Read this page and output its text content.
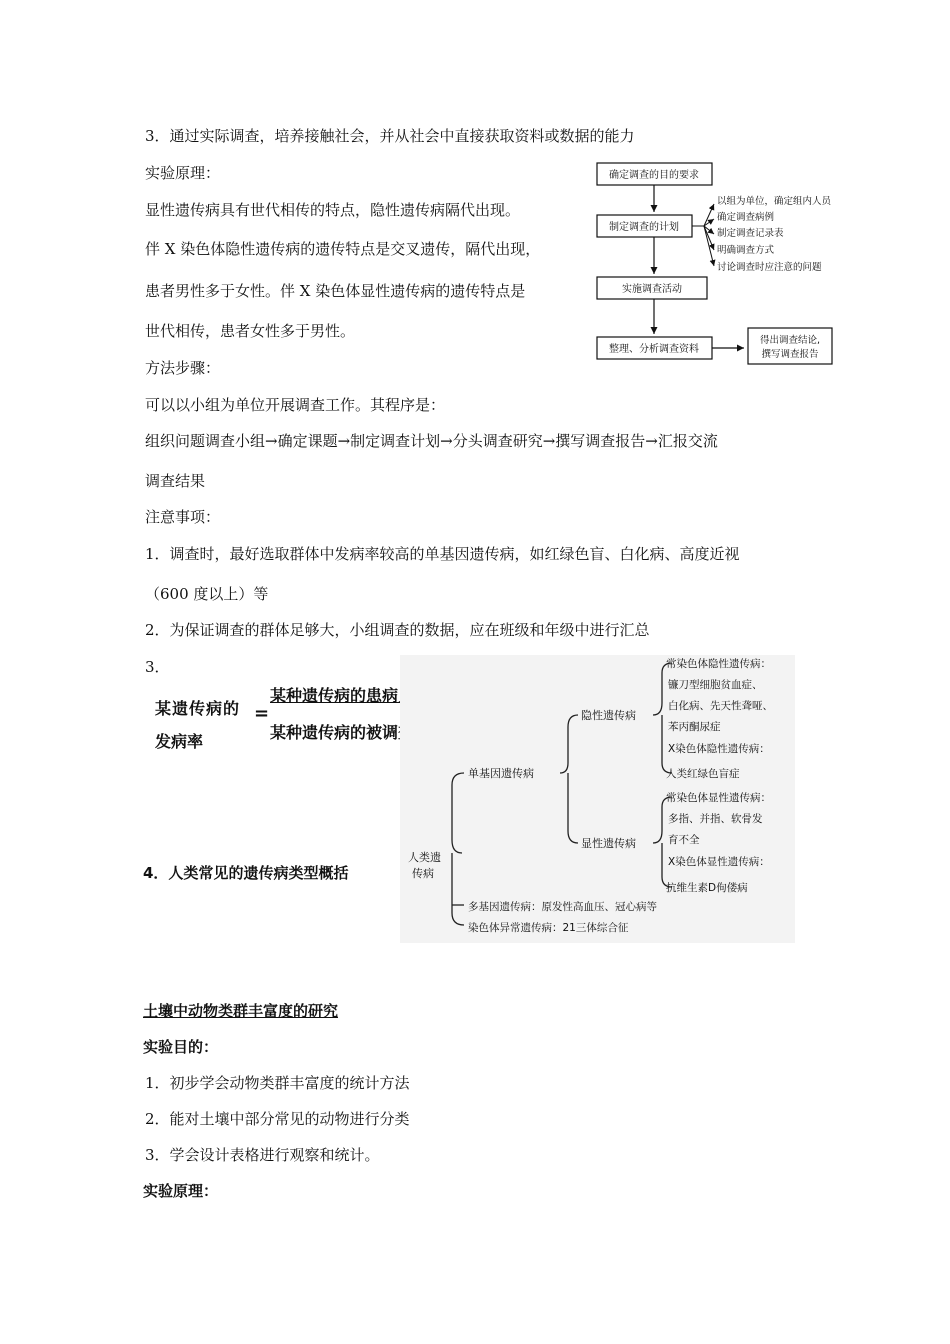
3．通过实际调查，培养接触社会，并从社会中直接获取资料或数据的能力
实验原理：
显性遗传病具有世代相传的特点，隐性遗传病隔代出现。
伴 X 染色体隐性遗传病的遗传特点是交叉遗传，隔代出现，
患者男性多于女性。伴 X 染色体显性遗传病的遗传特点是
世代相传，患者女性多于男性。
方法步骤：
可以以小组为单位开展调查工作。其程序是：
组织问题调查小组→确定课题→制定调查计划→分头调查研究→撰写调查报告→汇报交流
调查结果
注意事项：
1．调查时，最好选取群体中发病率较高的单基因遗传病，如红绿色盲、白化病、高度近视
（600 度以上）等
2．为保证调查的群体足够大，小组调查的数据，应在班级和年级中进行汇总
3．
确定调查的目的要求
制定调查的计划
以组为单位，确定组内人员
确定调查病例
制定调查记录表
明确调查方式
讨论调查时应注意的问题
实施调查活动
整理、分析调查资料
得出调查结论,
撰写调查报告
某遗传病的
发病率
=
某种遗传病的患病人数
某种遗传病的被调查人数
×100%
4．人类常见的遗传病类型概括
人类遗
传病
单基因遗传病
隐性遗传病
显性遗传病
常染色体隐性遗传病：
镰刀型细胞贫血症、
白化病、先天性聋哑、
苯丙酮尿症
X染色体隐性遗传病：
人类红绿色盲症
常染色体显性遗传病：
多指、并指、软骨发
育不全
X染色体显性遗传病：
抗维生素D佝偻病
多基因遗传病：原发性高血压、冠心病等
染色体异常遗传病：21三体综合征
土壤中动物类群丰富度的研究
实验目的：
1．初步学会动物类群丰富度的统计方法
2．能对土壤中部分常见的动物进行分类
3．学会设计表格进行观察和统计。
实验原理：
